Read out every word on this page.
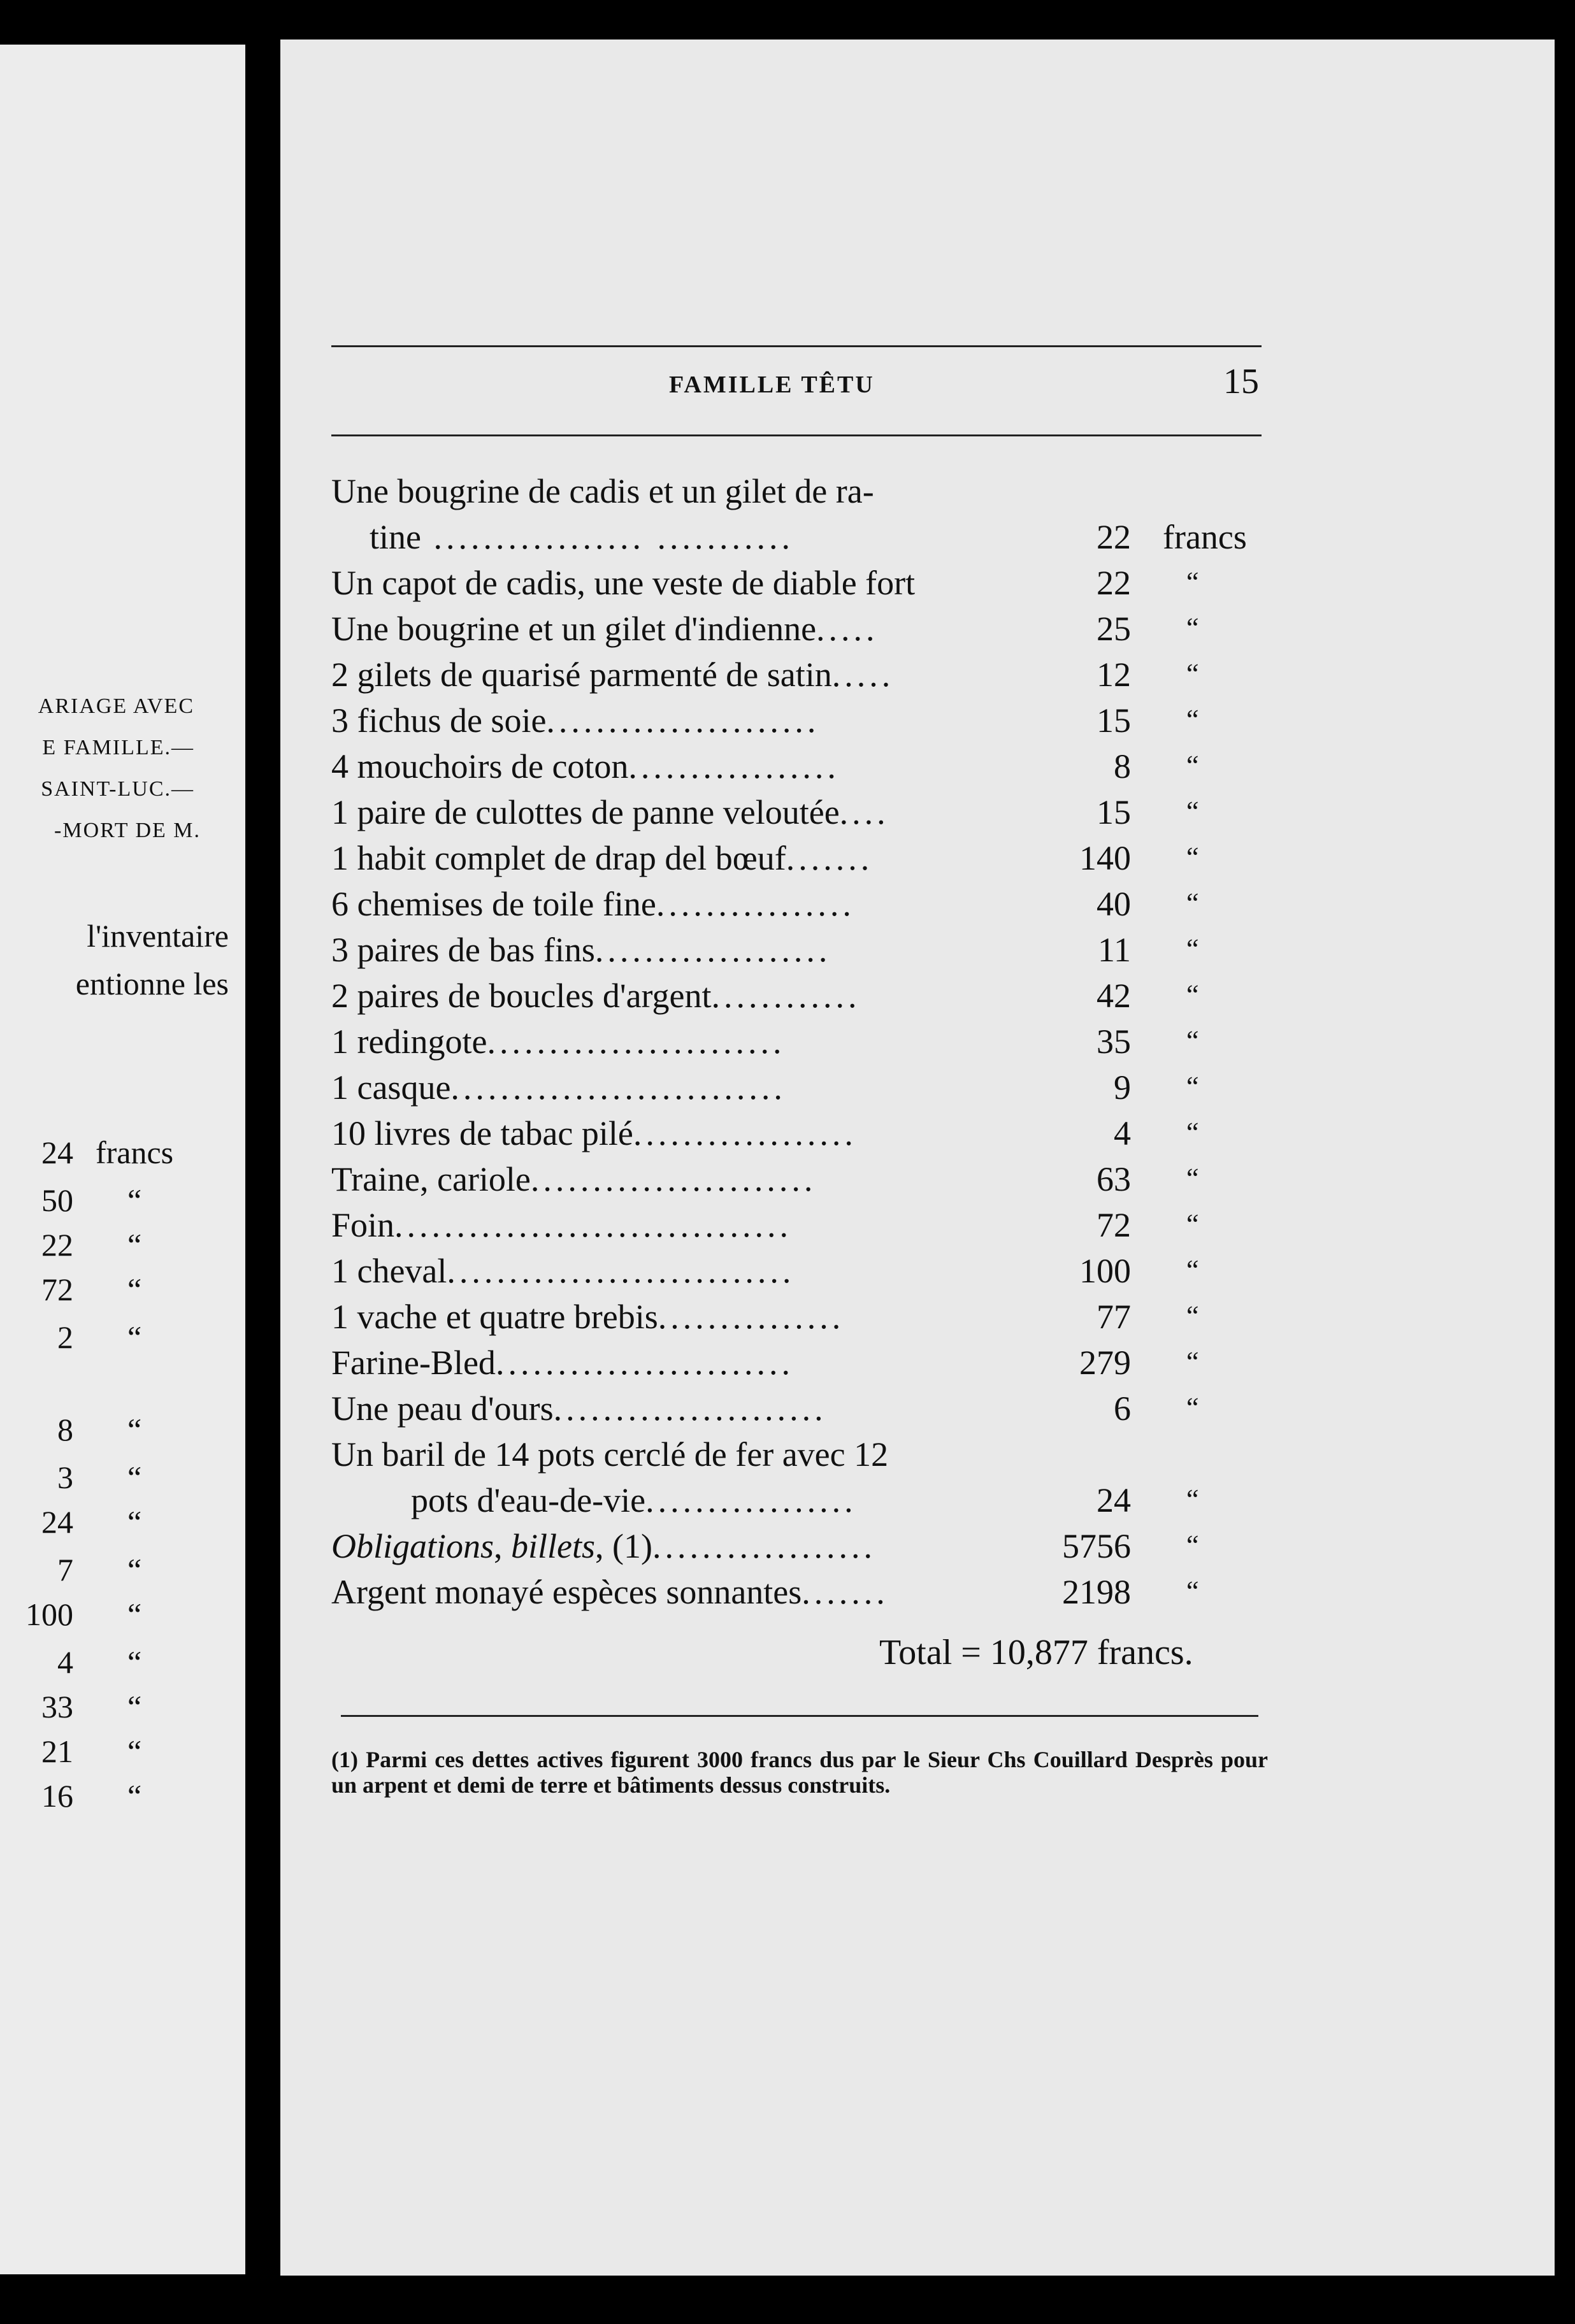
ARIAGE AVEC
E FAMILLE.—
SAINT-LUC.—
-MORT DE M.
l'inventaire
entionne les
24 francs
50 “
22 “
72 “
2 “
8 “
3 “
24 “
7 “
100 “
4 “
33 “
21 “
16 “
FAMILLE TÊTU	15
Une bougrine de cadis et un gilet de ra-
tine ................. ...........	22 francs
Un capot de cadis, une veste de diable fort	22 “
Une bougrine et un gilet d'indienne.....	25 “
2 gilets de quarisé parmenté de satin.....	12 “
3 fichus de soie......................	15 “
4 mouchoirs de coton.................	8 “
1 paire de culottes de panne veloutée....	15 “
1 habit complet de drap del bœuf.......	140 “
6 chemises de toile fine................	40 “
3 paires de bas fins...................	11 “
2 paires de boucles d'argent............	42 “
1 redingote........................	35 “
1 casque...........................	9 “
10 livres de tabac pilé..................	4 “
Traine, cariole.......................	63 “
Foin................................	72 “
1 cheval............................	100 “
1 vache et quatre brebis...............	77 “
Farine-Bled........................	279 “
Une peau d'ours......................	6 “
Un baril de 14 pots cerclé de fer avec 12
pots d'eau-de-vie.................	24 “
Obligations, billets, (1)..................	5756 “
Argent monayé espèces sonnantes.......	2198 “
Total = 10,877 francs.
(1) Parmi ces dettes actives figurent 3000 francs dus par le Sieur Chs Couillard Desprès pour un arpent et demi de terre et bâtiments dessus construits.
